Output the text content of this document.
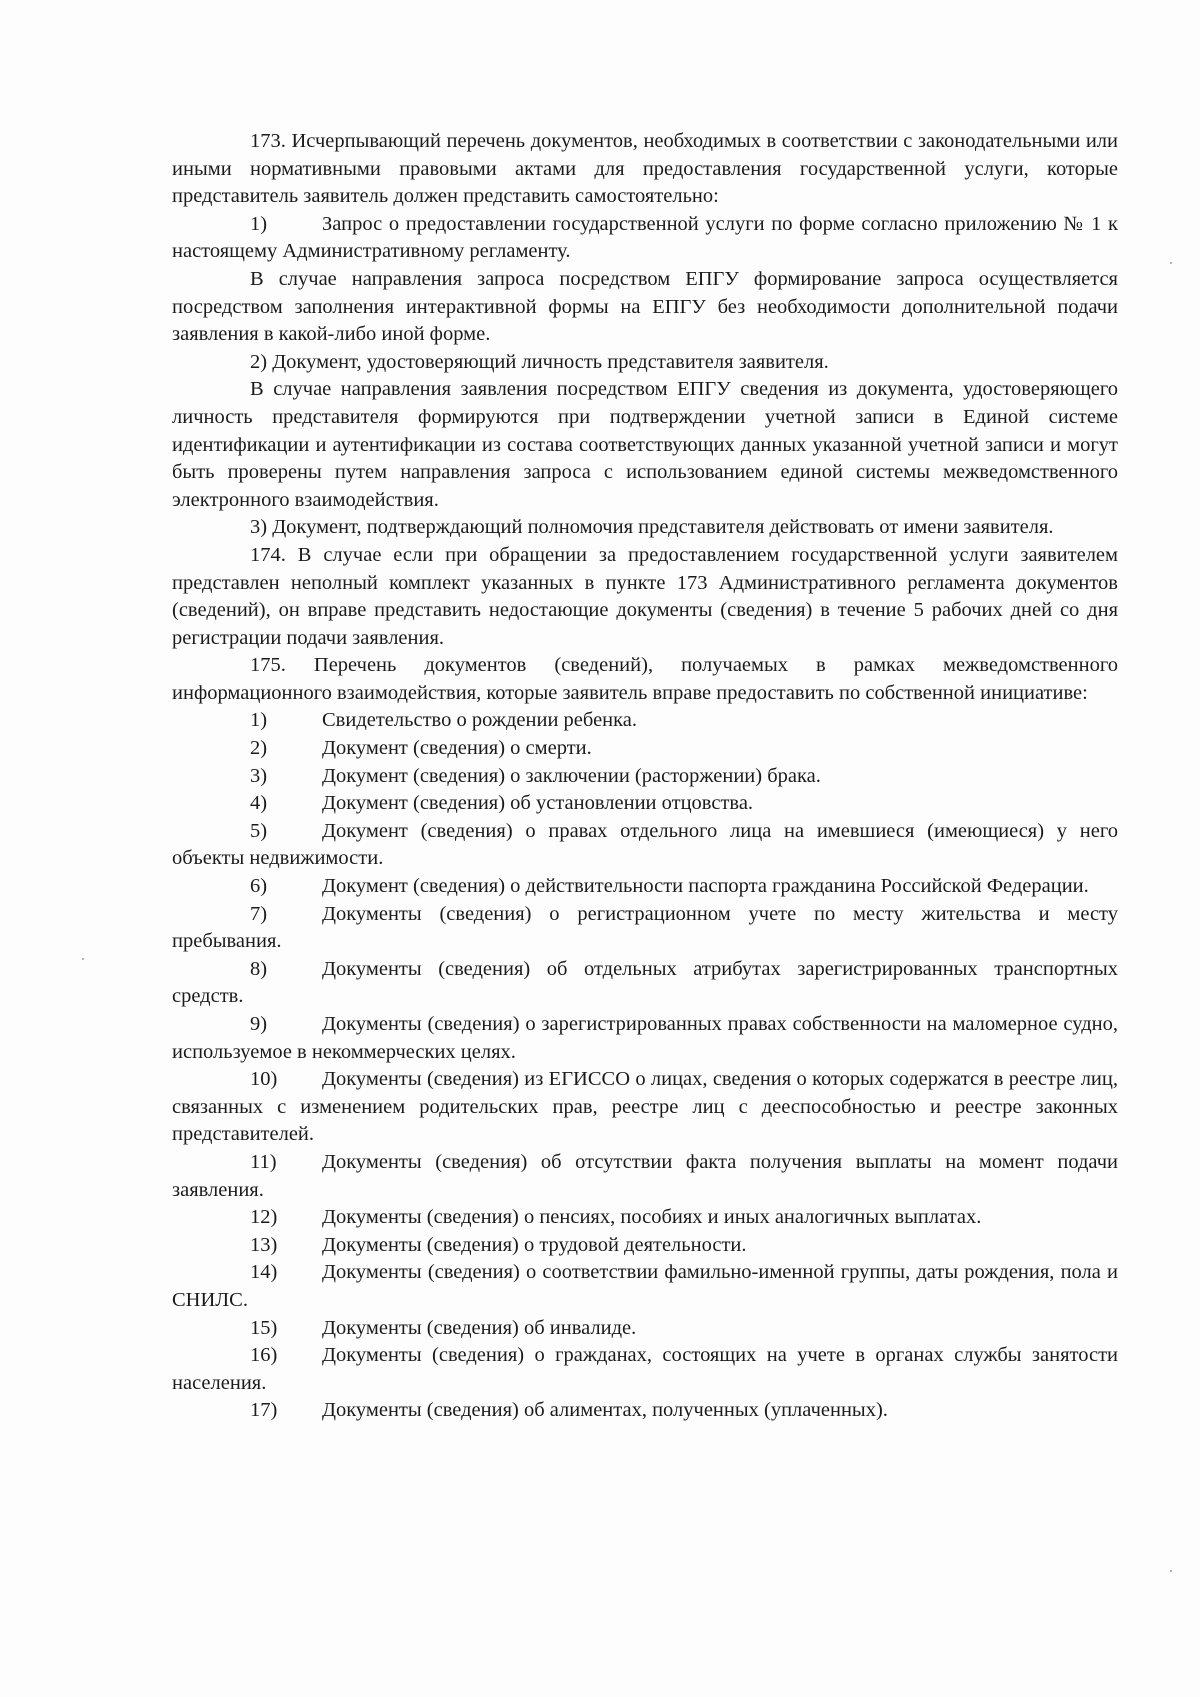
173. Исчерпывающий перечень документов, необходимых в соответствии с законодательными или иными нормативными правовыми актами для предоставления государственной услуги, которые представитель заявитель должен представить самостоятельно:

1)	Запрос о предоставлении государственной услуги по форме согласно приложению № 1 к настоящему Административному регламенту.

В случае направления запроса посредством ЕПГУ формирование запроса осуществляется посредством заполнения интерактивной формы на ЕПГУ без необходимости дополнительной подачи заявления в какой-либо иной форме.

2) Документ, удостоверяющий личность представителя заявителя.

В случае направления заявления посредством ЕПГУ сведения из документа, удостоверяющего личность представителя формируются при подтверждении учетной записи в Единой системе идентификации и аутентификации из состава соответствующих данных указанной учетной записи и могут быть проверены путем направления запроса с использованием единой системы межведомственного электронного взаимодействия.

3) Документ, подтверждающий полномочия представителя действовать от имени заявителя.

174. В случае если при обращении за предоставлением государственной услуги заявителем представлен неполный комплект указанных в пункте 173 Административного регламента документов (сведений), он вправе представить недостающие документы (сведения) в течение 5 рабочих дней со дня регистрации подачи заявления.

175. Перечень документов (сведений), получаемых в рамках межведомственного информационного взаимодействия, которые заявитель вправе предоставить по собственной инициативе:

1)	Свидетельство о рождении ребенка.

2)	Документ (сведения) о смерти.

3)	Документ (сведения) о заключении (расторжении) брака.

4)	Документ (сведения) об установлении отцовства.

5)	Документ (сведения) о правах отдельного лица на имевшиеся (имеющиеся) у него объекты недвижимости.

6)	Документ (сведения) о действительности паспорта гражданина Российской Федерации.

7)	Документы (сведения) о регистрационном учете по месту жительства и месту пребывания.

8)	Документы (сведения) об отдельных атрибутах зарегистрированных транспортных средств.

9)	Документы (сведения) о зарегистрированных правах собственности на маломерное судно, используемое в некоммерческих целях.

10) Документы (сведения) из ЕГИССО о лицах, сведения о которых содержатся в реестре лиц, связанных с изменением родительских прав, реестре лиц с дееспособностью и реестре законных представителей.

11) Документы (сведения) об отсутствии факта получения выплаты на момент подачи заявления.

12) Документы (сведения) о пенсиях, пособиях и иных аналогичных выплатах.

13) Документы (сведения) о трудовой деятельности.

14) Документы (сведения) о соответствии фамильно-именной группы, даты рождения, пола и СНИЛС.

15) Документы (сведения) об инвалиде.

16) Документы (сведения) о гражданах, состоящих на учете в органах службы занятости населения.

17) Документы (сведения) об алиментах, полученных (уплаченных).
